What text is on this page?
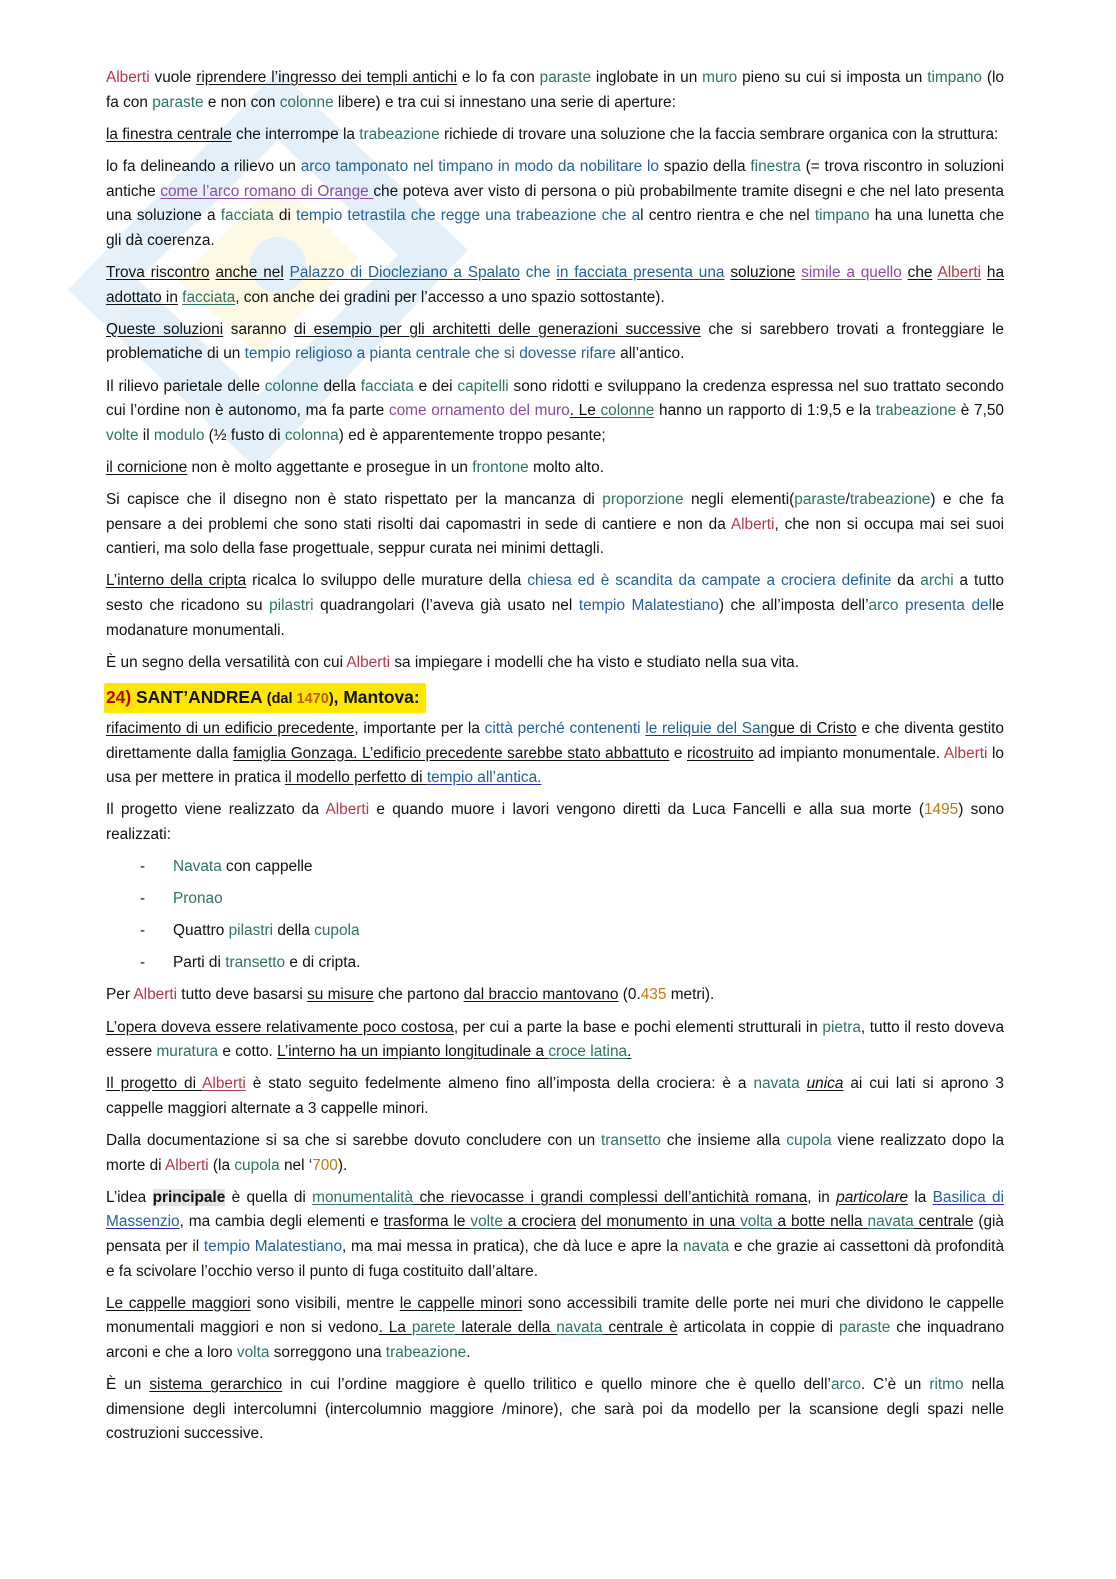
Alberti vuole riprendere l’ingresso dei templi antichi e lo fa con paraste inglobate in un muro pieno su cui si imposta un timpano (lo fa con paraste e non con colonne libere) e tra cui si innestano una serie di aperture:

la finestra centrale che interrompe la trabeazione richiede di trovare una soluzione che la faccia sembrare organica con la struttura:

lo fa delineando a rilievo un arco tamponato nel timpano in modo da nobilitare lo spazio della finestra (= trova riscontro in soluzioni antiche come l’arco romano di Orange che poteva aver visto di persona o più probabilmente tramite disegni e che nel lato presenta una soluzione a facciata di tempio tetrastila che regge una trabeazione che al centro rientra e che nel timpano ha una lunetta che gli dà coerenza.

Trova riscontro anche nel Palazzo di Diocleziano a Spalato che in facciata presenta una soluzione simile a quello che Alberti ha adottato in facciata, con anche dei gradini per l’accesso a uno spazio sottostante).

Queste soluzioni saranno di esempio per gli architetti delle generazioni successive che si sarebbero trovati a fronteggiare le problematiche di un tempio religioso a pianta centrale che si dovesse rifare all’antico.

Il rilievo parietale delle colonne della facciata e dei capitelli sono ridotti e sviluppano la credenza espressa nel suo trattato secondo cui l’ordine non è autonomo, ma fa parte come ornamento del muro. Le colonne hanno un rapporto di 1:9,5 e la trabeazione è 7,50 volte il modulo (½ fusto di colonna) ed è apparentemente troppo pesante;

il cornicione non è molto aggettante e prosegue in un frontone molto alto.

Si capisce che il disegno non è stato rispettato per la mancanza di proporzione negli elementi(paraste/trabeazione) e che fa pensare a dei problemi che sono stati risolti dai capomastri in sede di cantiere e non da Alberti, che non si occupa mai sei suoi cantieri, ma solo della fase progettuale, seppur curata nei minimi dettagli.

L’interno della cripta ricalca lo sviluppo delle murature della chiesa ed è scandita da campate a crociera definite da archi a tutto sesto che ricadono su pilastri quadrangolari (l’aveva già usato nel tempio Malatestiano) che all’imposta dell’arco presenta delle modanature monumentali.

È un segno della versatilità con cui Alberti sa impiegare i modelli che ha visto e studiato nella sua vita.

24) SANT’ANDREA (dal 1470), Mantova:

rifacimento di un edificio precedente, importante per la città perché contenenti le reliquie del Sangue di Cristo e che diventa gestito direttamente dalla famiglia Gonzaga. L’edificio precedente sarebbe stato abbattuto e ricostruito ad impianto monumentale. Alberti lo usa per mettere in pratica il modello perfetto di tempio all’antica.

Il progetto viene realizzato da Alberti e quando muore i lavori vengono diretti da Luca Fancelli e alla sua morte (1495) sono realizzati:

- Navata con cappelle
- Pronao
- Quattro pilastri della cupola
- Parti di transetto e di cripta.

Per Alberti tutto deve basarsi su misure che partono dal braccio mantovano (0.435 metri).

L’opera doveva essere relativamente poco costosa, per cui a parte la base e pochi elementi strutturali in pietra, tutto il resto doveva essere muratura e cotto. L’interno ha un impianto longitudinale a croce latina.

Il progetto di Alberti è stato seguito fedelmente almeno fino all’imposta della crociera: è a navata unica ai cui lati si aprono 3 cappelle maggiori alternate a 3 cappelle minori.

Dalla documentazione si sa che si sarebbe dovuto concludere con un transetto che insieme alla cupola viene realizzato dopo la morte di Alberti (la cupola nel ‘700).

L’idea principale è quella di monumentalità che rievocasse i grandi complessi dell’antichità romana, in particolare la Basilica di Massenzio, ma cambia degli elementi e trasforma le volte a crociera del monumento in una volta a botte nella navata centrale (già pensata per il tempio Malatestiano, ma mai messa in pratica), che dà luce e apre la navata e che grazie ai cassettoni dà profondità e fa scivolare l’occhio verso il punto di fuga costituito dall’altare.

Le cappelle maggiori sono visibili, mentre le cappelle minori sono accessibili tramite delle porte nei muri che dividono le cappelle monumentali maggiori e non si vedono. La parete laterale della navata centrale è articolata in coppie di paraste che inquadrano arconi e che a loro volta sorreggono una trabeazione.

È un sistema gerarchico in cui l’ordine maggiore è quello trilitico e quello minore che è quello dell’arco. C’è un ritmo nella dimensione degli intercolumni (intercolumnio maggiore /minore), che sarà poi da modello per la scansione degli spazi nelle costruzioni successive.
